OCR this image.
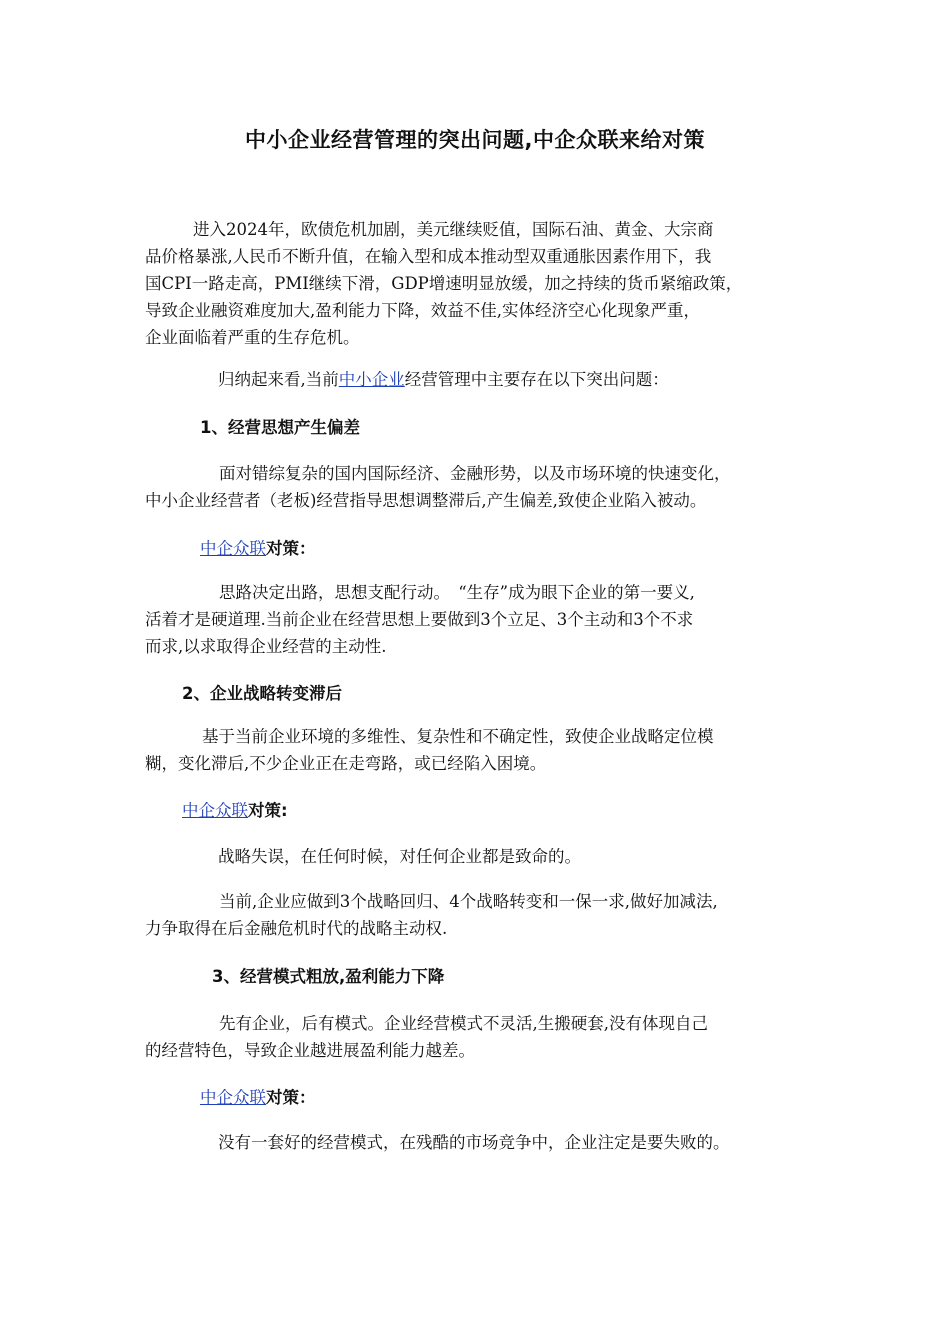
中小企业经营管理的突出问题,中企众联来给对策
进入2024年，欧债危机加剧，美元继续贬值，国际石油、黄金、大宗商
品价格暴涨,人民币不断升值，在输入型和成本推动型双重通胀因素作用下，我
国CPI一路走高，PMI继续下滑，GDP增速明显放缓，加之持续的货币紧缩政策，
导致企业融资难度加大,盈利能力下降，效益不佳,实体经济空心化现象严重，
企业面临着严重的生存危机。
归纳起来看,当前中小企业经营管理中主要存在以下突出问题：
1、经营思想产生偏差
面对错综复杂的国内国际经济、金融形势，以及市场环境的快速变化，
中小企业经营者（老板)经营指导思想调整滞后,产生偏差,致使企业陷入被动。
中企众联对策：
思路决定出路，思想支配行动。　“生存”成为眼下企业的第一要义,
活着才是硬道理.当前企业在经营思想上要做到3个立足、3个主动和3个不求
而求,以求取得企业经营的主动性.
2、企业战略转变滞后
基于当前企业环境的多维性、复杂性和不确定性，致使企业战略定位模
糊，变化滞后,不少企业正在走弯路，或已经陷入困境。
中企众联对策:
战略失误，在任何时候，对任何企业都是致命的。
当前,企业应做到3个战略回归、4个战略转变和一保一求,做好加减法,
力争取得在后金融危机时代的战略主动权.
3、经营模式粗放,盈利能力下降
先有企业，后有模式。企业经营模式不灵活,生搬硬套,没有体现自己
的经营特色，导致企业越进展盈利能力越差。
中企众联对策：
没有一套好的经营模式，在残酷的市场竞争中，企业注定是要失败的。
